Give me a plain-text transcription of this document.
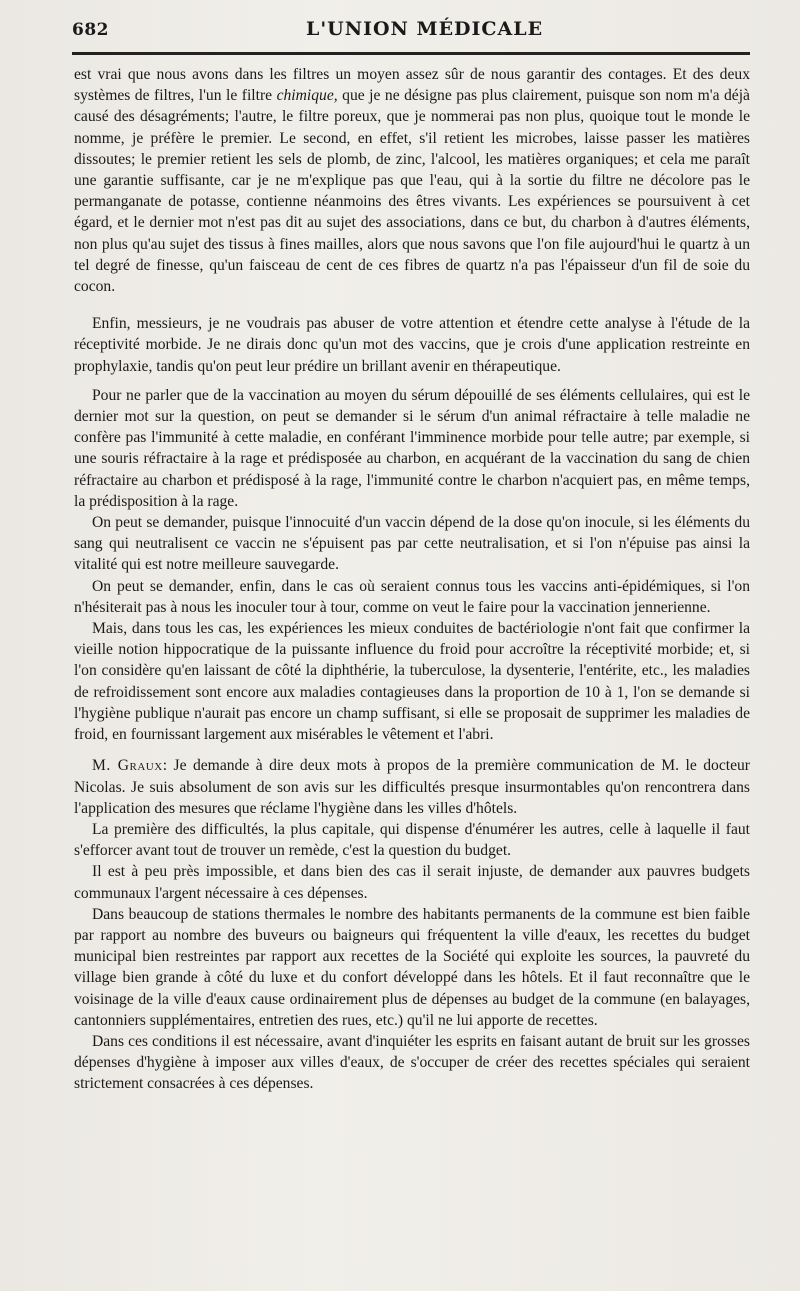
682	L'UNION MÉDICALE

est vrai que nous avons dans les filtres un moyen assez sûr de nous garantir des contages. Et des deux systèmes de filtres, l'un le filtre chimique, que je ne désigne pas plus clairement, puisque son nom m'a déjà causé des désagréments; l'autre, le filtre poreux, que je nommerai pas non plus, quoique tout le monde le nomme, je préfère le premier. Le second, en effet, s'il retient les microbes, laisse passer les matières dissoutes; le premier retient les sels de plomb, de zinc, l'alcool, les matières organiques; et cela me paraît une garantie suffisante, car je ne m'explique pas que l'eau, qui à la sortie du filtre ne décolore pas le permanganate de potasse, contienne néanmoins des êtres vivants. Les expériences se poursuivent à cet égard, et le dernier mot n'est pas dit au sujet des associations, dans ce but, du charbon à d'autres éléments, non plus qu'au sujet des tissus à fines mailles, alors que nous savons que l'on file aujourd'hui le quartz à un tel degré de finesse, qu'un faisceau de cent de ces fibres de quartz n'a pas l'épaisseur d'un fil de soie du cocon.

Enfin, messieurs, je ne voudrais pas abuser de votre attention et étendre cette analyse à l'étude de la réceptivité morbide. Je ne dirais donc qu'un mot des vaccins, que je crois d'une application restreinte en prophylaxie, tandis qu'on peut leur prédire un brillant avenir en thérapeutique.

Pour ne parler que de la vaccination au moyen du sérum dépouillé de ses éléments cellulaires, qui est le dernier mot sur la question, on peut se demander si le sérum d'un animal réfractaire à telle maladie ne confère pas l'immunité à cette maladie, en conférant l'imminence morbide pour telle autre; par exemple, si une souris réfractaire à la rage et prédisposée au charbon, en acquérant de la vaccination du sang de chien réfractaire au charbon et prédisposé à la rage, l'immunité contre le charbon n'acquiert pas, en même temps, la prédisposition à la rage.

On peut se demander, puisque l'innocuité d'un vaccin dépend de la dose qu'on inocule, si les éléments du sang qui neutralisent ce vaccin ne s'épuisent pas par cette neutralisation, et si l'on n'épuise pas ainsi la vitalité qui est notre meilleure sauvegarde.

On peut se demander, enfin, dans le cas où seraient connus tous les vaccins anti-épidémiques, si l'on n'hésiterait pas à nous les inoculer tour à tour, comme on veut le faire pour la vaccination jennerienne.

Mais, dans tous les cas, les expériences les mieux conduites de bactériologie n'ont fait que confirmer la vieille notion hippocratique de la puissante influence du froid pour accroître la réceptivité morbide; et, si l'on considère qu'en laissant de côté la diphthérie, la tuberculose, la dysenterie, l'entérite, etc., les maladies de refroidissement sont encore aux maladies contagieuses dans la proportion de 10 à 1, l'on se demande si l'hygiène publique n'aurait pas encore un champ suffisant, si elle se proposait de supprimer les maladies de froid, en fournissant largement aux misérables le vêtement et l'abri.

M. Graux: Je demande à dire deux mots à propos de la première communication de M. le docteur Nicolas. Je suis absolument de son avis sur les difficultés presque insurmontables qu'on rencontrera dans l'application des mesures que réclame l'hygiène dans les villes d'hôtels.

La première des difficultés, la plus capitale, qui dispense d'énumérer les autres, celle à laquelle il faut s'efforcer avant tout de trouver un remède, c'est la question du budget.

Il est à peu près impossible, et dans bien des cas il serait injuste, de demander aux pauvres budgets communaux l'argent nécessaire à ces dépenses.

Dans beaucoup de stations thermales le nombre des habitants permanents de la commune est bien faible par rapport au nombre des buveurs ou baigneurs qui fréquentent la ville d'eaux, les recettes du budget municipal bien restreintes par rapport aux recettes de la Société qui exploite les sources, la pauvreté du village bien grande à côté du luxe et du confort développé dans les hôtels. Et il faut reconnaître que le voisinage de la ville d'eaux cause ordinairement plus de dépenses au budget de la commune (en balayages, cantonniers supplémentaires, entretien des rues, etc.) qu'il ne lui apporte de recettes.

Dans ces conditions il est nécessaire, avant d'inquiéter les esprits en faisant autant de bruit sur les grosses dépenses d'hygiène à imposer aux villes d'eaux, de s'occuper de créer des recettes spéciales qui seraient strictement consacrées à ces dépenses.
